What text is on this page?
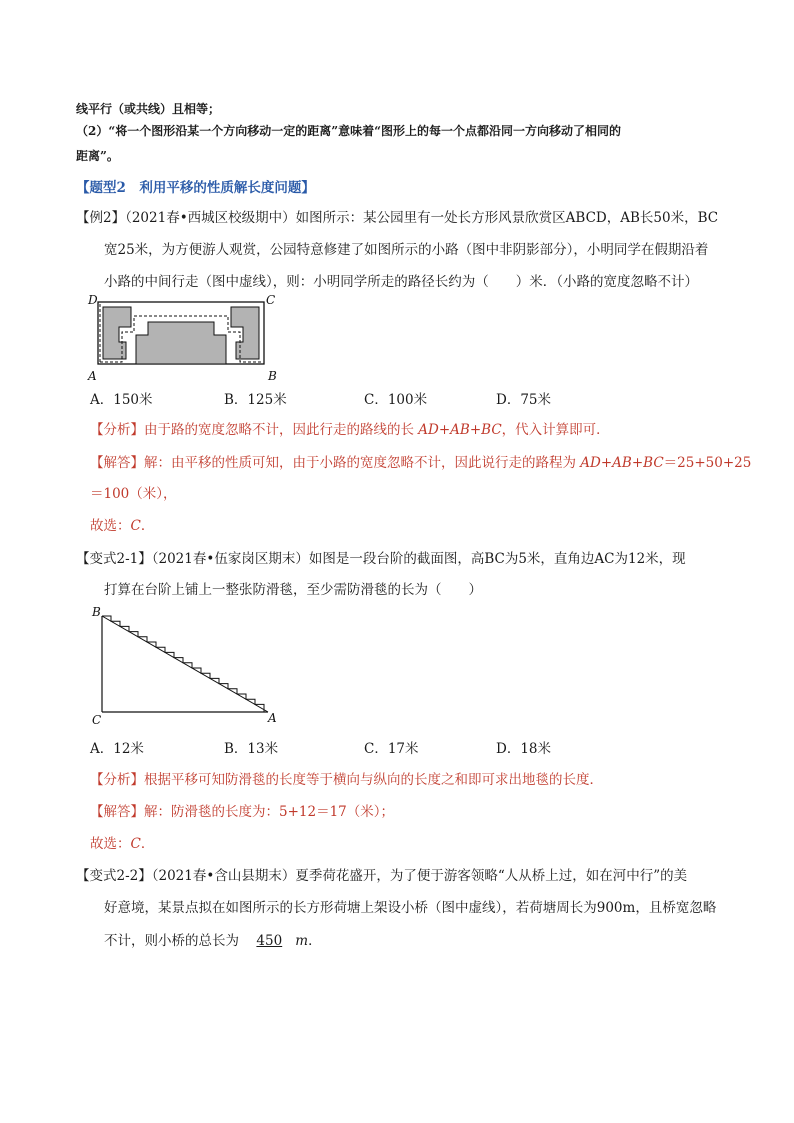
线平行（或共线）且相等；
（2）“将一个图形沿某一个方向移动一定的距离”意味着“图形上的每一个点都沿同一方向移动了相同的
距离”。
【题型2　利用平移的性质解长度问题】
【例2】（2021春•西城区校级期中）如图所示：某公园里有一处长方形风景欣赏区ABCD，AB长50米，BC
宽25米，为方便游人观赏，公园特意修建了如图所示的小路（图中非阴影部分），小明同学在假期沿着
小路的中间行走（图中虚线），则：小明同学所走的路径长约为（　　）米．（小路的宽度忽略不计）
D	C
A	B
A．150米	B．125米	C．100米	D．75米
【分析】由于路的宽度忽略不计，因此行走的路线的长 AD+AB+BC，代入计算即可．
【解答】解：由平移的性质可知，由于小路的宽度忽略不计，因此说行走的路程为 AD+AB+BC＝25+50+25
＝100（米），
故选：C．
【变式2-1】（2021春•伍家岗区期末）如图是一段台阶的截面图，高BC为5米，直角边AC为12米，现
打算在台阶上铺上一整张防滑毯，至少需防滑毯的长为（　　）
B
C	A
A．12米	B．13米	C．17米	D．18米
【分析】根据平移可知防滑毯的长度等于横向与纵向的长度之和即可求出地毯的长度．
【解答】解：防滑毯的长度为：5+12＝17（米）；
故选：C．
【变式2-2】（2021春•含山县期末）夏季荷花盛开，为了便于游客领略“人从桥上过，如在河中行”的美
好意境，某景点拟在如图所示的长方形荷塘上架设小桥（图中虚线），若荷塘周长为900m，且桥宽忽略
不计，则小桥的总长为 450 m．
